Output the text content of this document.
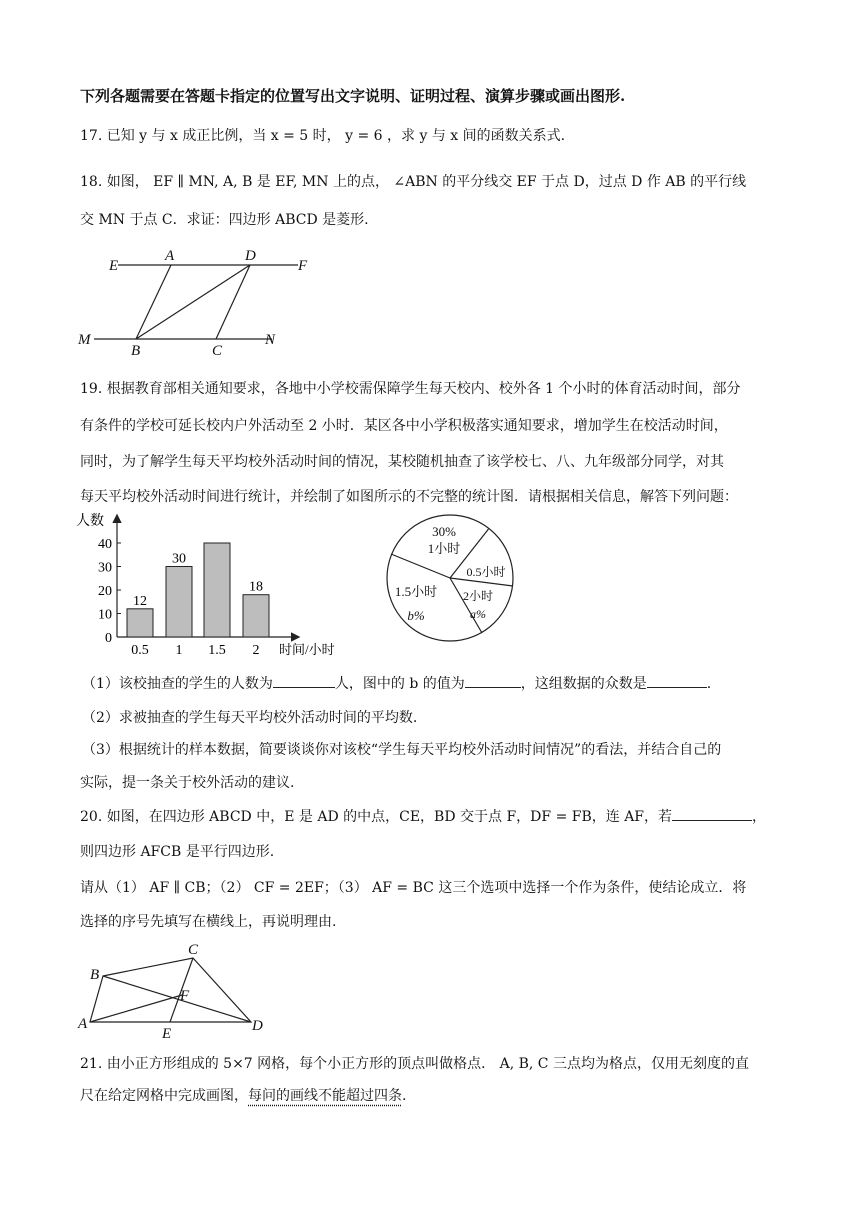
下列各题需要在答题卡指定的位置写出文字说明、证明过程、演算步骤或画出图形.
17. 已知 y 与 x 成正比例，当 x = 5 时， y = 6 ，求 y 与 x 间的函数关系式.
18. 如图， EF ∥ MN, A, B 是 EF, MN 上的点， ∠ABN 的平分线交 EF 于点 D，过点 D 作 AB 的平行线
交 MN 于点 C．求证：四边形 ABCD 是菱形.
E
A	D
F
M
B	C
N
19. 根据教育部相关通知要求，各地中小学校需保障学生每天校内、校外各 1 个小时的体育活动时间，部分
有条件的学校可延长校内户外活动至 2 小时．某区各中小学积极落实通知要求，增加学生在校活动时间，
同时，为了解学生每天平均校外活动时间的情况，某校随机抽查了该学校七、八、九年级部分同学，对其
每天平均校外活动时间进行统计，并绘制了如图所示的不完整的统计图．请根据相关信息，解答下列问题：
人数
时间/小时
0
10
20
30
40
0.5
12
1
30
1.5 2
18
30%
1小时
0.5小时
2小时
a%
1.5小时
b%
（1）该校抽查的学生的人数为	人，图中的 b 的值为	，这组数据的众数是	.
（2）求被抽查的学生每天平均校外活动时间的平均数.
（3）根据统计的样本数据，简要谈谈你对该校“学生每天平均校外活动时间情况”的看法，并结合自己的
实际，提一条关于校外活动的建议.
20. 如图，在四边形 ABCD 中，E 是 AD 的中点，CE，BD 交于点 F，DF = FB，连 AF，若	，
则四边形 AFCB 是平行四边形.
请从（1） AF ∥ CB；（2） CF = 2EF；（3） AF = BC 这三个选项中选择一个作为条件，使结论成立．将
选择的序号先填写在横线上，再说明理由.
B
C
F
A
E	D
21. 由小正方形组成的 5×7 网格，每个小正方形的顶点叫做格点． A, B, C 三点均为格点，仅用无刻度的直
尺在给定网格中完成画图，每问的画线不能超过四条.
